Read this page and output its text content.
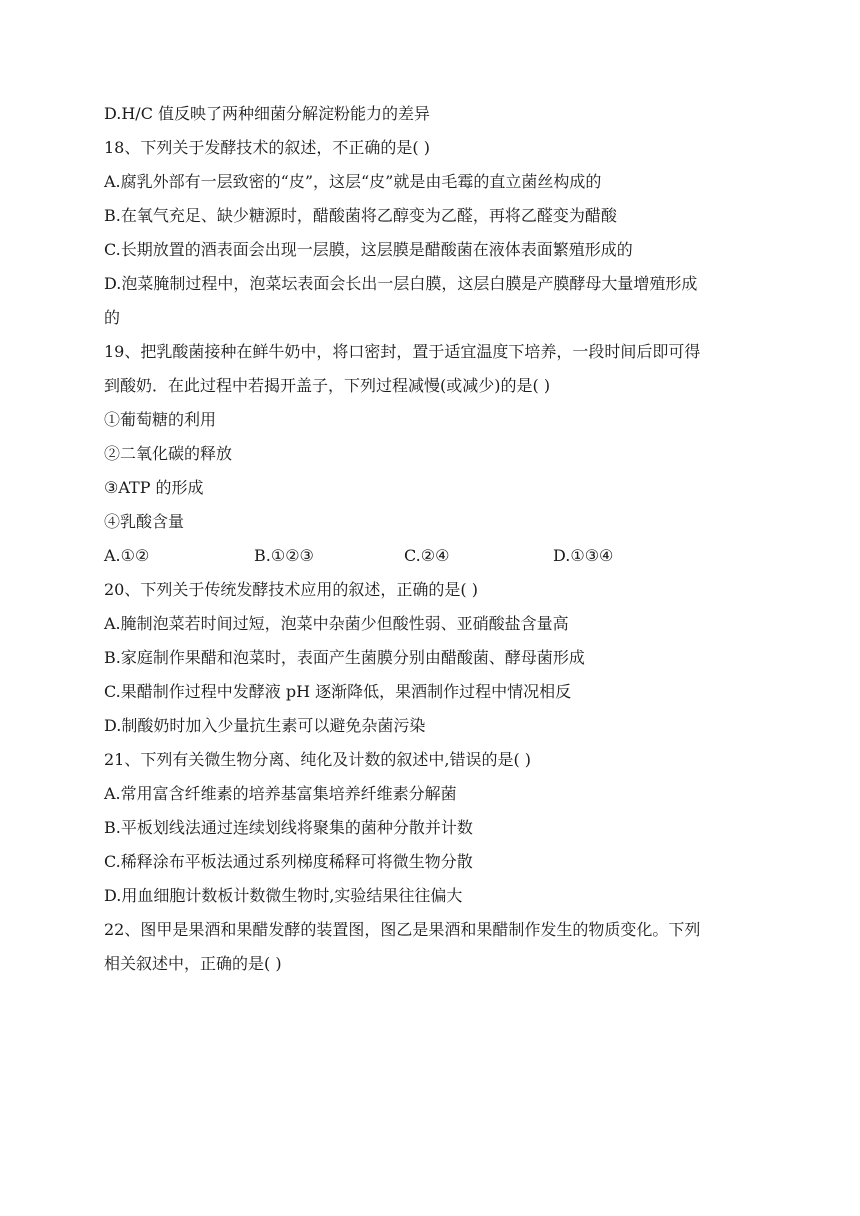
D.H/C 值反映了两种细菌分解淀粉能力的差异
18、下列关于发酵技术的叙述，不正确的是( )
A.腐乳外部有一层致密的“皮”，这层“皮”就是由毛霉的直立菌丝构成的
B.在氧气充足、缺少糖源时，醋酸菌将乙醇变为乙醛，再将乙醛变为醋酸
C.长期放置的酒表面会出现一层膜，这层膜是醋酸菌在液体表面繁殖形成的
D.泡菜腌制过程中，泡菜坛表面会长出一层白膜，这层白膜是产膜酵母大量增殖形成
的
19、把乳酸菌接种在鲜牛奶中，将口密封，置于适宜温度下培养，一段时间后即可得
到酸奶．在此过程中若揭开盖子，下列过程减慢(或减少)的是( )
①葡萄糖的利用
②二氧化碳的释放
③ATP 的形成
④乳酸含量
A.①②	B.①②③	C.②④	D.①③④
20、下列关于传统发酵技术应用的叙述，正确的是( )
A.腌制泡菜若时间过短，泡菜中杂菌少但酸性弱、亚硝酸盐含量高
B.家庭制作果醋和泡菜时，表面产生菌膜分别由醋酸菌、酵母菌形成
C.果醋制作过程中发酵液 pH 逐渐降低，果酒制作过程中情况相反
D.制酸奶时加入少量抗生素可以避免杂菌污染
21、下列有关微生物分离、纯化及计数的叙述中,错误的是( )
A.常用富含纤维素的培养基富集培养纤维素分解菌
B.平板划线法通过连续划线将聚集的菌种分散并计数
C.稀释涂布平板法通过系列梯度稀释可将微生物分散
D.用血细胞计数板计数微生物时,实验结果往往偏大
22、图甲是果酒和果醋发酵的装置图，图乙是果酒和果醋制作发生的物质变化。下列
相关叙述中，正确的是( )
